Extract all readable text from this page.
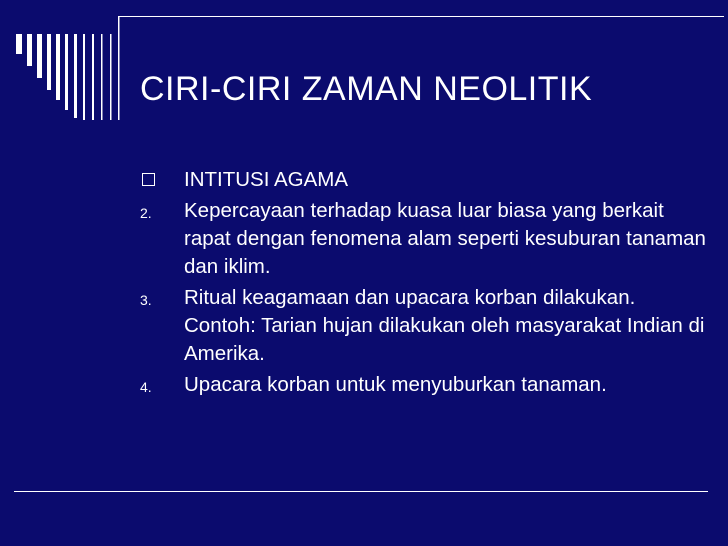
CIRI-CIRI ZAMAN NEOLITIK
INTITUSI AGAMA
2. Kepercayaan terhadap kuasa luar biasa yang berkait rapat dengan fenomena alam seperti kesuburan tanaman dan iklim.
3. Ritual keagamaan dan upacara korban dilakukan. Contoh: Tarian hujan dilakukan oleh masyarakat Indian di Amerika.
4. Upacara korban untuk menyuburkan tanaman.
